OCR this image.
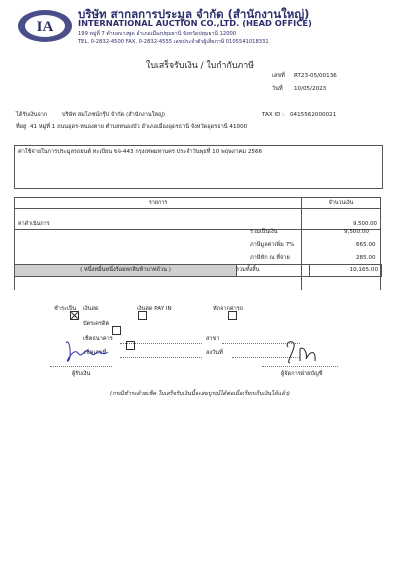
IA
บริษัท สากลการประมูล จำกัด (สำนักงานใหญ่)
INTERNATIONAL AUCTION CO.,LTD. (HEAD OFFICE)
199 หมู่ที่ 7 ตำบลบางพูด อำเภอเมืองปทุมธานี จังหวัดปทุมธานี 12000
TEL. 0-2832-4500 FAX. 0-2832-4555 เลขประจำตัวผู้เสียภาษี 0105541018331
ใบเสร็จรับเงิน / ใบกำกับภาษี
เลขที่ RT23-05/00136
วันที่ 10/05/2023
ได้รับเงินจาก	บริษัท สมโภชน์กรุ๊ป จำกัด (สำนักงานใหญ่)	TAX ID : 0415562000021
ที่อยู่ 41 หมู่ที่ 1 ถนนอุดร-หนองคาย ตำบลหนองบัว อำเภอเมืองอุดรธานี จังหวัดอุดรธานี 41000
ค่าใช้จ่ายในการประมูลรถยนต์ ทะเบียน ขจ-443 กรุงเทพมหานคร ประจำวันพุธที่ 10 พฤษภาคม 2566
รายการ	จำนวนเงิน

ค่าดำเนินการ	9,500.00

รวมเป็นเงิน	9,500.00
ภาษีมูลค่าเพิ่ม 7%	665.00
ภาษีหัก ณ ที่จ่าย	285.00
( หนึ่งหมื่นหนึ่งร้อยหกสิบห้าบาทถ้วน )	รวมทั้งสิ้น	10,165.00
ชำระเป็น
เงินสด
	เงินสด PAY IN
	หักจากค่ารถ

บัตรเครดิต
เช็คธนาคาร	สาขา
เช็คเลขที่	ลงวันที่
ผู้รับเงิน	ผู้จัดการฝ่ายบัญชี
(กรณีชำระด้วยเช็ค ใบเสร็จรับเงินนี้จะสมบูรณ์ได้ต่อเมื่อเรียกเก็บเงินได้แล้ว)
